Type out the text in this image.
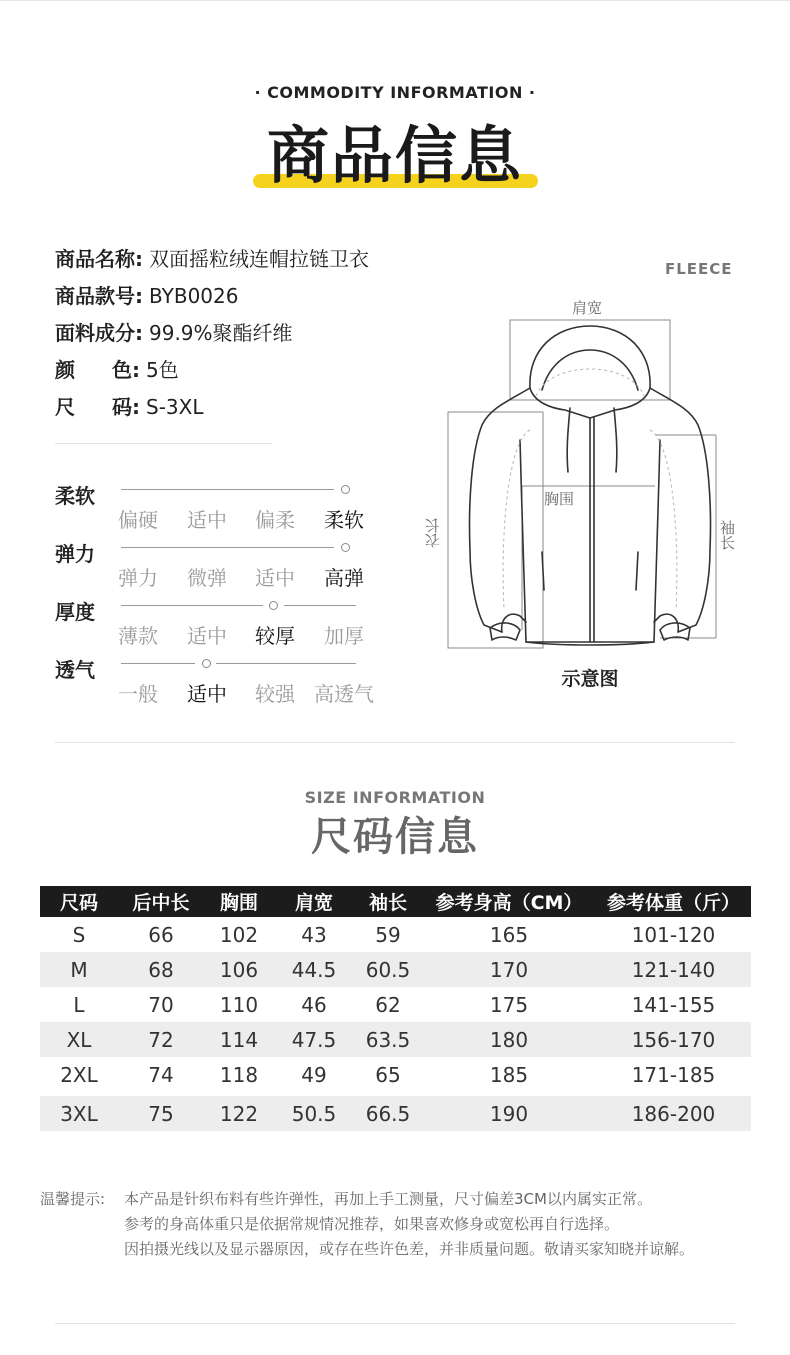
· COMMODITY INFORMATION ·
商品信息
商品名称: 双面摇粒绒连帽拉链卫衣
商品款号: BYB0026
面料成分: 99.9%聚酯纤维
颜 色: 5色
尺 码: S-3XL
柔软
偏硬	适中	偏柔	柔软
弹力
弹力	微弹	适中	高弹
厚度
薄款	适中	较厚	加厚
透气
一般	适中	较强 高透气
FLEECE
肩宽
胸围
衣长	袖长
示意图
SIZE INFORMATION
尺码信息
尺码	后中长	胸围	肩宽	袖长	参考身高（CM）	参考体重（斤）
S	66	102	43	59	165	101-120
M	68	106	44.5	60.5	170	121-140
L	70	110	46	62	175	141-155
XL	72	114	47.5	63.5	180	156-170
2XL	74	118	49	65	185	171-185
3XL	75	122	50.5	66.5	190	186-200
温馨提示: 本产品是针织布料有些许弹性，再加上手工测量，尺寸偏差3CM以内属实正常。
参考的身高体重只是依据常规情况推荐，如果喜欢修身或宽松再自行选择。
因拍摄光线以及显示器原因，或存在些许色差，并非质量问题。敬请买家知晓并谅解。
